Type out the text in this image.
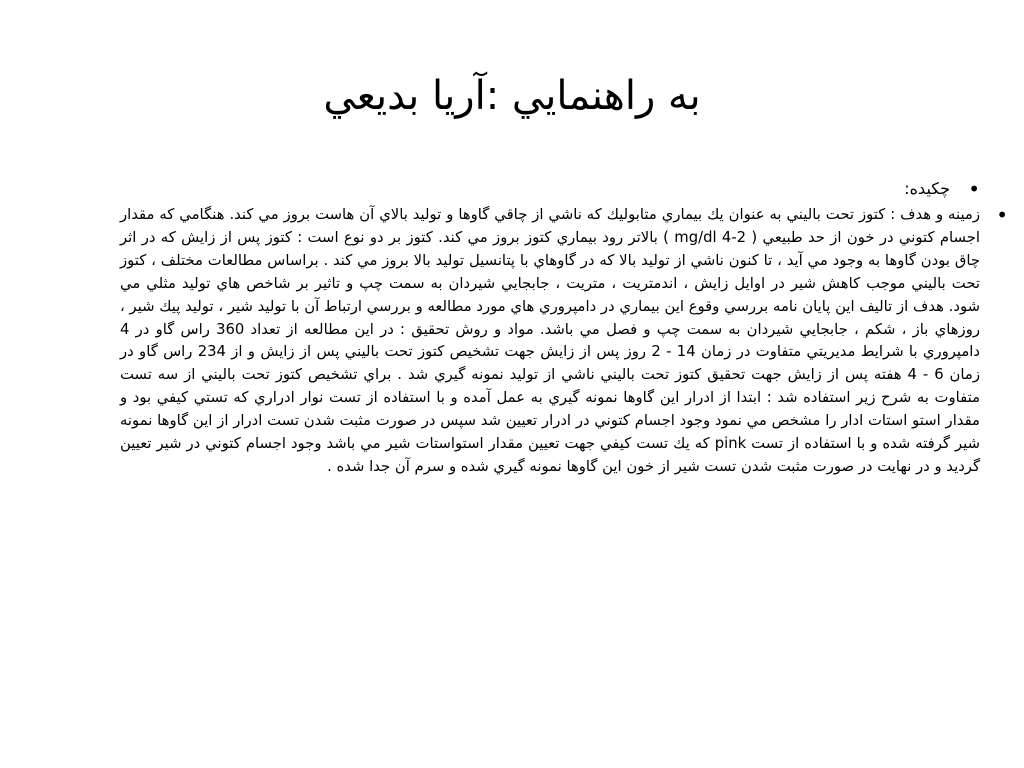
به راهنمايي :آريا بديعي
• چكيده:
• زمينه و هدف : كتوز تحت باليني به عنوان يك بيماري متابوليك كه ناشي از چاقي گاوها و توليد بالاي آن هاست بروز مي كند. هنگامي كه مقدار اجسام كتوني در خون از حد طبيعي ( mg/dl 4-2 ) بالاتر رود بيماري كتوز بروز مي كند. كتوز بر دو نوع است : كتوز پس از زايش كه در اثر چاق بودن گاوها به وجود مي آيد ، تا كنون ناشي از توليد بالا كه در گاوهاي با پتانسيل توليد بالا بروز مي كند . براساس مطالعات مختلف ، كتوز تحت باليني موجب كاهش شير در اوايل زايش ، اندمتريت ، متريت ، جابجايي شيردان به سمت چپ و تاثير بر شاخص هاي توليد مثلي مي شود. هدف از تاليف اين پايان نامه بررسي وقوع اين بيماري در دامپروري هاي مورد مطالعه و بررسي ارتباط آن با توليد شير ، توليد پيك شير ، روزهاي باز ، شكم ، جابجايي شيردان به سمت چپ و فصل مي باشد. مواد و روش تحقيق : در اين مطالعه از تعداد 360 راس گاو در 4 دامپروري با شرايط مديريتي متفاوت در زمان 14 - 2 روز پس از زايش جهت تشخيص كتوز تحت باليني پس از زايش و از 234 راس گاو در زمان 6 - 4 هفته پس از زايش جهت تحقيق كتوز تحت باليني ناشي از توليد نمونه گيري شد . براي تشخيص كتوز تحت باليني از سه تست متفاوت به شرح زير استفاده شد : ابتدا از ادرار اين گاوها نمونه گيري به عمل آمده و با استفاده از تست نوار ادراري كه تستي كيفي بود و مقدار استو استات ادار را مشخص مي نمود وجود اجسام كتوني در ادرار تعيين شد سپس در صورت مثبت شدن تست ادرار از اين گاوها نمونه شير گرفته شده و با استفاده از تست pink كه يك تست كيفي جهت تعيين مقدار استواستات شير مي باشد وجود اجسام كتوني در شير تعيين گرديد و در نهايت در صورت مثبت شدن تست شير از خون اين گاوها نمونه گيري شده و سرم آن جدا شده .
